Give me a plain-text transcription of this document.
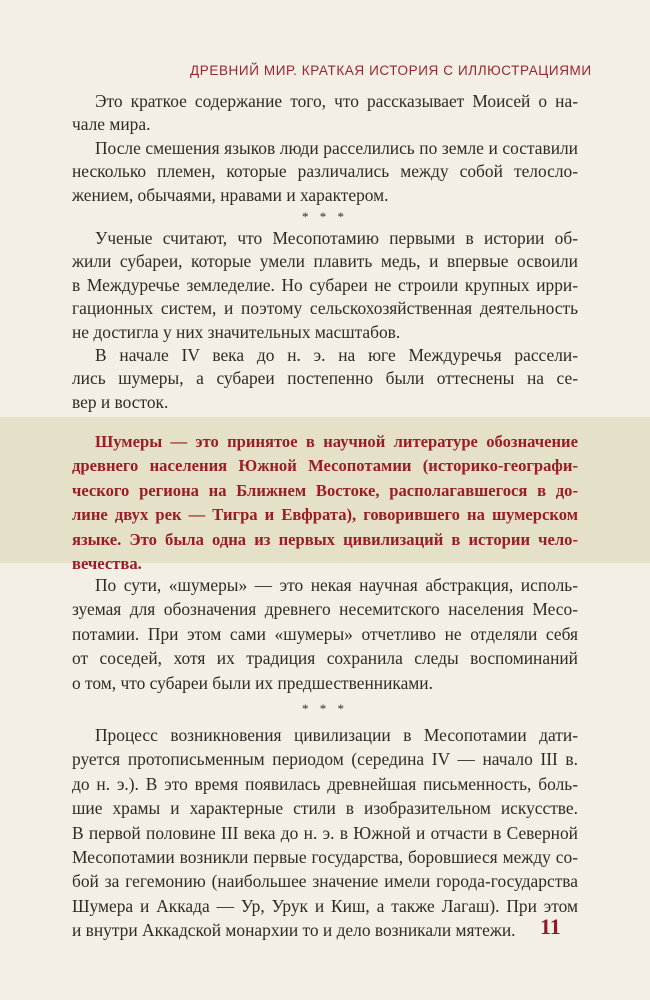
ДРЕВНИЙ МИР. КРАТКАЯ ИСТОРИЯ С ИЛЛЮСТРАЦИЯМИ
Это краткое содержание того, что рассказывает Моисей о на-
чале мира.
После смешения языков люди расселились по земле и составили
несколько племен, которые различались между собой телосло-
жением, обычаями, нравами и характером.
* * *
Ученые считают, что Месопотамию первыми в истории об-
жили субареи, которые умели плавить медь, и впервые освоили
в Междуречье земледелие. Но субареи не строили крупных ирри-
гационных систем, и поэтому сельскохозяйственная деятельность
не достигла у них значительных масштабов.
В начале IV века до н. э. на юге Междуречья рассели-
лись шумеры, а субареи постепенно были оттеснены на се-
вер и восток.
Шумеры — это принятое в научной литературе обозначение
древнего населения Южной Месопотамии (историко-географи-
ческого региона на Ближнем Востоке, располагавшегося в до-
лине двух рек — Тигра и Евфрата), говорившего на шумерском
языке. Это была одна из первых цивилизаций в истории чело-
вечества.
По сути, «шумеры» — это некая научная абстракция, исполь-
зуемая для обозначения древнего несемитского населения Месо-
потамии. При этом сами «шумеры» отчетливо не отделяли себя
от соседей, хотя их традиция сохранила следы воспоминаний
о том, что субареи были их предшественниками.
* * *
Процесс возникновения цивилизации в Месопотамии дати-
руется протописьменным периодом (середина IV — начало III в.
до н. э.). В это время появилась древнейшая письменность, боль-
шие храмы и характерные стили в изобразительном искусстве.
В первой половине III века до н. э. в Южной и отчасти в Северной
Месопотамии возникли первые государства, боровшиеся между со-
бой за гегемонию (наибольшее значение имели города-государства
Шумера и Аккада — Ур, Урук и Киш, а также Лагаш). При этом
и внутри Аккадской монархии то и дело возникали мятежи.	11
